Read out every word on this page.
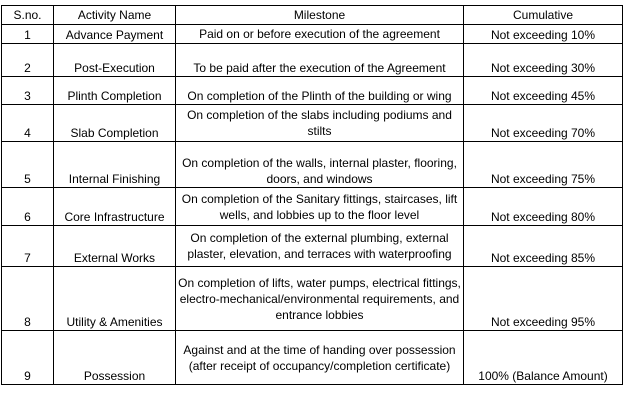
S.no.	Activity Name	Milestone	Cumulative
1	Advance Payment	Paid on or before execution of the agreement	Not exceeding 10%
2	Post-Execution	To be paid after the execution of the Agreement	Not exceeding 30%
3	Plinth Completion	On completion of the Plinth of the building or wing	Not exceeding 45%
4	Slab Completion	On completion of the slabs including podiums and stilts	Not exceeding 70%
5	Internal Finishing	On completion of the walls, internal plaster, flooring, doors, and windows	Not exceeding 75%
6	Core Infrastructure	On completion of the Sanitary fittings, staircases, lift wells, and lobbies up to the floor level	Not exceeding 80%
7	External Works	On completion of the external plumbing, external plaster, elevation, and terraces with waterproofing	Not exceeding 85%
8	Utility & Amenities	On completion of lifts, water pumps, electrical fittings, electro-mechanical/environmental requirements, and entrance lobbies	Not exceeding 95%
9	Possession	Against and at the time of handing over possession (after receipt of occupancy/completion certificate)	100% (Balance Amount)
